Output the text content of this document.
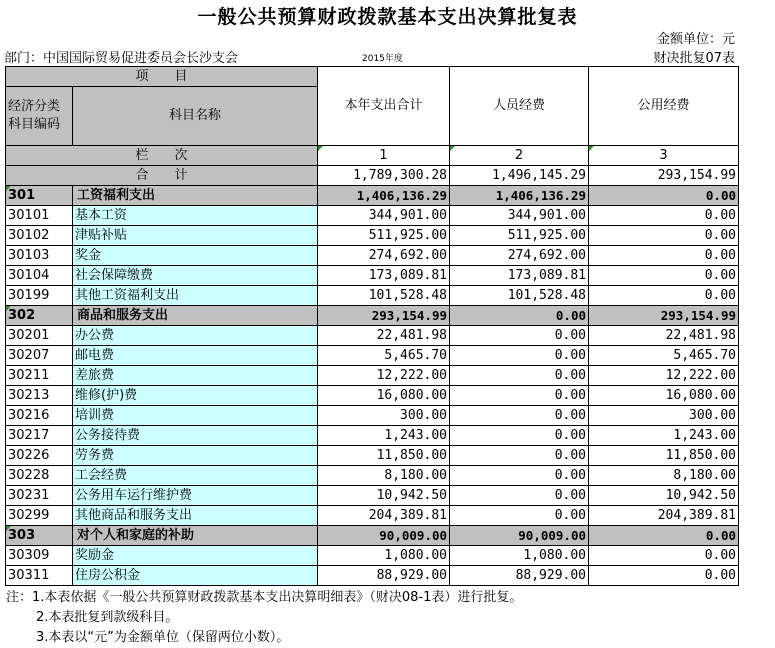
一般公共预算财政拨款基本支出决算批复表
金额单位：元
部门：中国国际贸易促进委员会长沙支会	2015年度	财决批复07表
项　　目		本年支出合计	人员经费	公用经费
经济分类科目编码	科目名称			
栏　　次		1	2	3
合　　计		1,789,300.28	1,496,145.29	293,154.99
301	工资福利支出	1,406,136.29	1,406,136.29	0.00
30101	基本工资	344,901.00	344,901.00	0.00
30102	津贴补贴	511,925.00	511,925.00	0.00
30103	奖金	274,692.00	274,692.00	0.00
30104	社会保障缴费	173,089.81	173,089.81	0.00
30199	其他工资福利支出	101,528.48	101,528.48	0.00
302	商品和服务支出	293,154.99	0.00	293,154.99
30201	办公费	22,481.98	0.00	22,481.98
30207	邮电费	5,465.70	0.00	5,465.70
30211	差旅费	12,222.00	0.00	12,222.00
30213	维修(护)费	16,080.00	0.00	16,080.00
30216	培训费	300.00	0.00	300.00
30217	公务接待费	1,243.00	0.00	1,243.00
30226	劳务费	11,850.00	0.00	11,850.00
30228	工会经费	8,180.00	0.00	8,180.00
30231	公务用车运行维护费	10,942.50	0.00	10,942.50
30299	其他商品和服务支出	204,389.81	0.00	204,389.81
303	对个人和家庭的补助	90,009.00	90,009.00	0.00
30309	奖励金	1,080.00	1,080.00	0.00
30311	住房公积金	88,929.00	88,929.00	0.00
注：1.本表依据《一般公共预算财政拨款基本支出决算明细表》（财决08-1表）进行批复。
2.本表批复到款级科目。
3.本表以“元”为金额单位（保留两位小数）。
